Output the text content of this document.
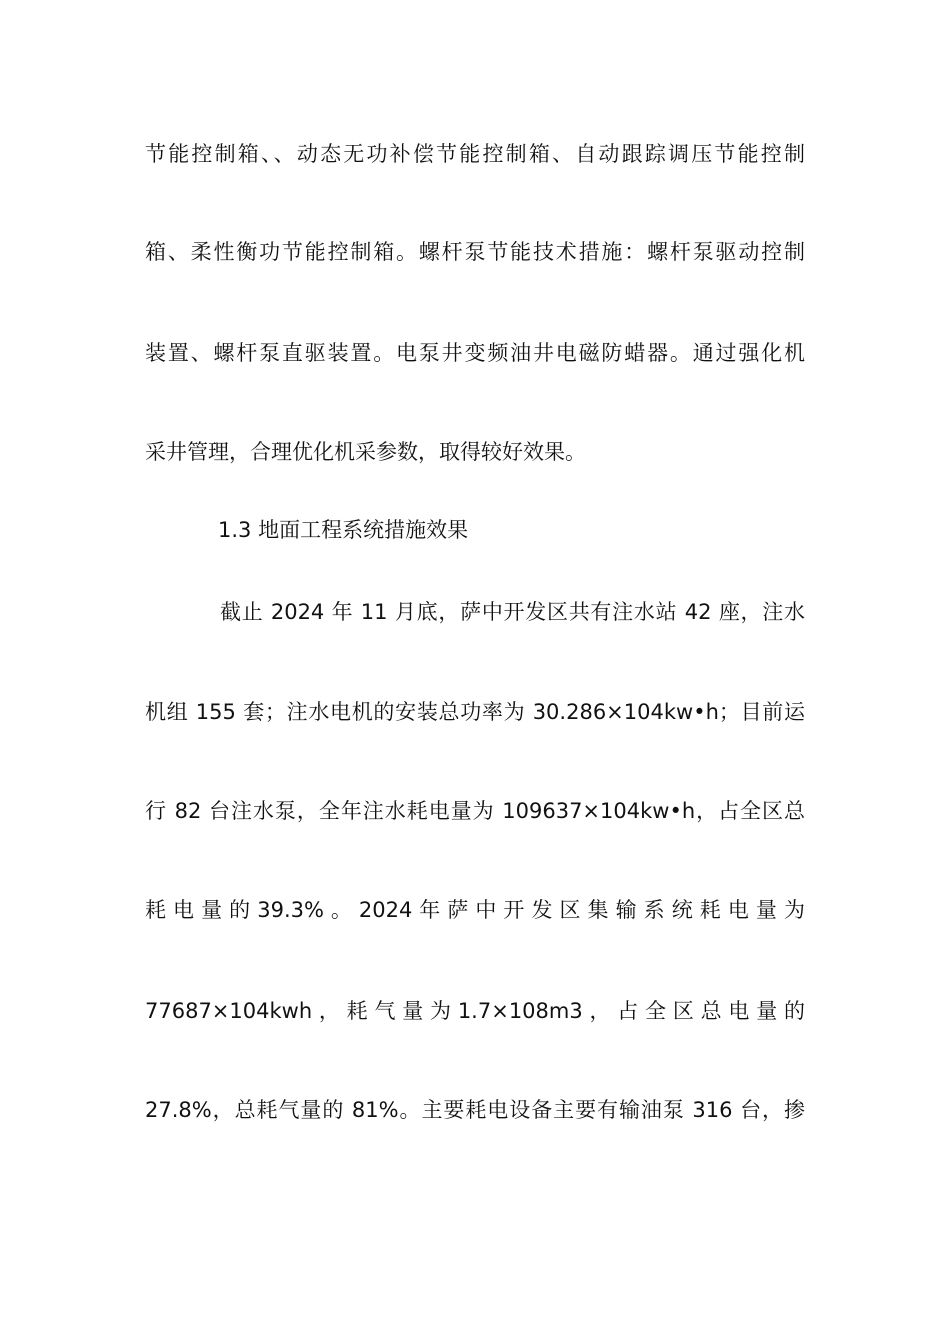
节能控制箱、、动态无功补偿节能控制箱、自动跟踪调压节能控制
箱、柔性衡功节能控制箱。螺杆泵节能技术措施：螺杆泵驱动控制
装置、螺杆泵直驱装置。电泵井变频油井电磁防蜡器。通过强化机
采井管理，合理优化机采参数，取得较好效果。
1.3 地面工程系统措施效果
截止 2024 年 11 月底，萨中开发区共有注水站 42 座，注水
机组 155 套；注水电机的安装总功率为 30.286×104kw•h；目前运
行 82 台注水泵，全年注水耗电量为 109637×104kw•h，占全区总
耗 电 量 的 39.3% 。 2024 年 萨 中 开 发 区 集 输 系 统 耗 电 量 为
77687×104kwh ， 耗 气 量 为 1.7×108m3 ， 占 全 区 总 电 量 的
27.8%，总耗气量的 81%。主要耗电设备主要有输油泵 316 台，掺
